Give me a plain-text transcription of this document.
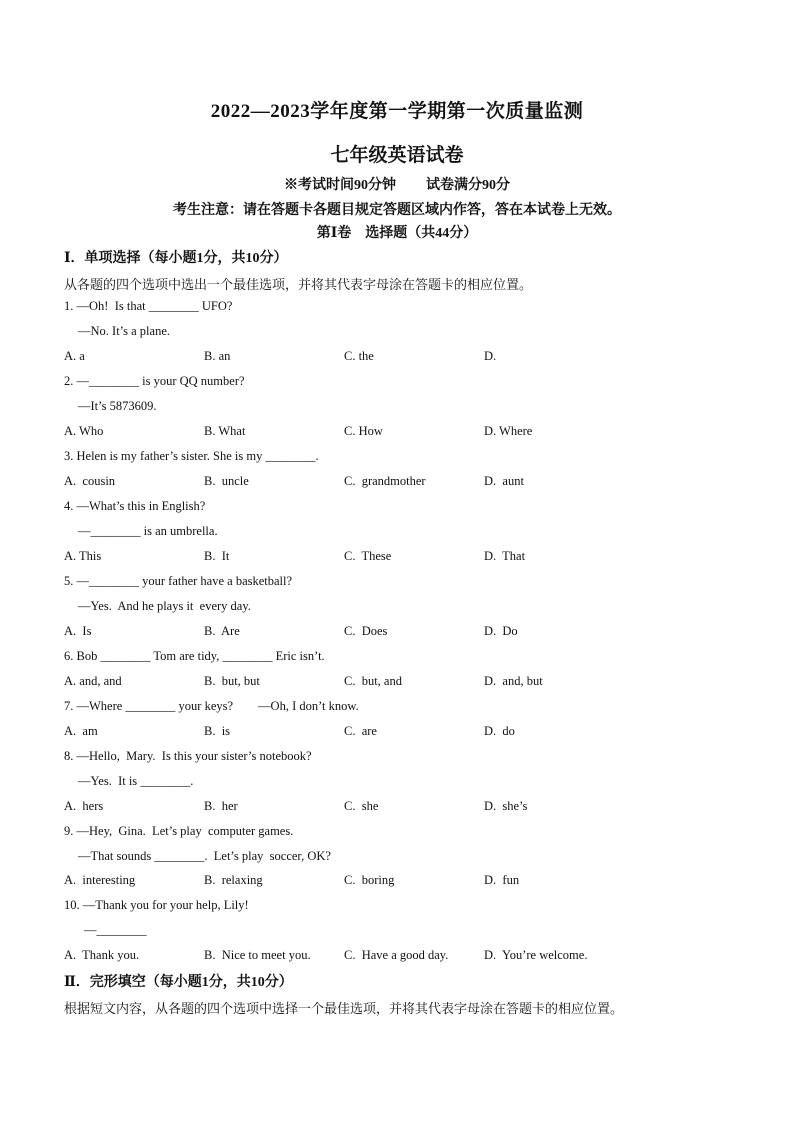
2022—2023学年度第一学期第一次质量监测
七年级英语试卷
※考试时间90分钟 试卷满分90分
考生注意：请在答题卡各题目规定答题区域内作答，答在本试卷上无效。
第Ⅰ卷　选择题（共44分）
Ⅰ．单项选择（每小题1分，共10分）
从各题的四个选项中选出一个最佳选项，并将其代表字母涂在答题卡的相应位置。
1. —Oh!  Is that ________ UFO?
—No. It’s a plane.
A. a	B. an	C. the	D.
2. —________ is your QQ number?
—It’s 5873609.
A. Who	B. What	C. How	D. Where
3. Helen is my father’s sister. She is my ________.
A.  cousin	B.  uncle	C.  grandmother	D.  aunt
4. —What’s this in English?
—________ is an umbrella.
A. This	B.  It	C.  These	D.  That
5. —________ your father have a basketball?
—Yes.  And he plays it  every day.
A.  Is	B.  Are	C.  Does	D.  Do
6. Bob ________ Tom are tidy, ________ Eric isn’t.
A. and, and	B.  but, but	C.  but, and	D.  and, but
7. —Where ________ your keys?        —Oh, I don’t know.
A.  am	B.  is	C.  are	D.  do
8. —Hello,  Mary.  Is this your sister’s notebook?
—Yes.  It is ________.
A.  hers	B.  her	C.  she	D.  she’s
9. —Hey,  Gina.  Let’s play  computer games.
—That sounds ________.  Let’s play  soccer, OK?
A.  interesting	B.  relaxing	C.  boring	D.  fun
10. —Thank you for your help, Lily!
—________
A.  Thank you.	B.  Nice to meet you.	C.  Have a good day.	D.  You’re welcome.
Ⅱ．完形填空（每小题1分，共10分）
根据短文内容，从各题的四个选项中选择一个最佳选项，并将其代表字母涂在答题卡的相应位置。
